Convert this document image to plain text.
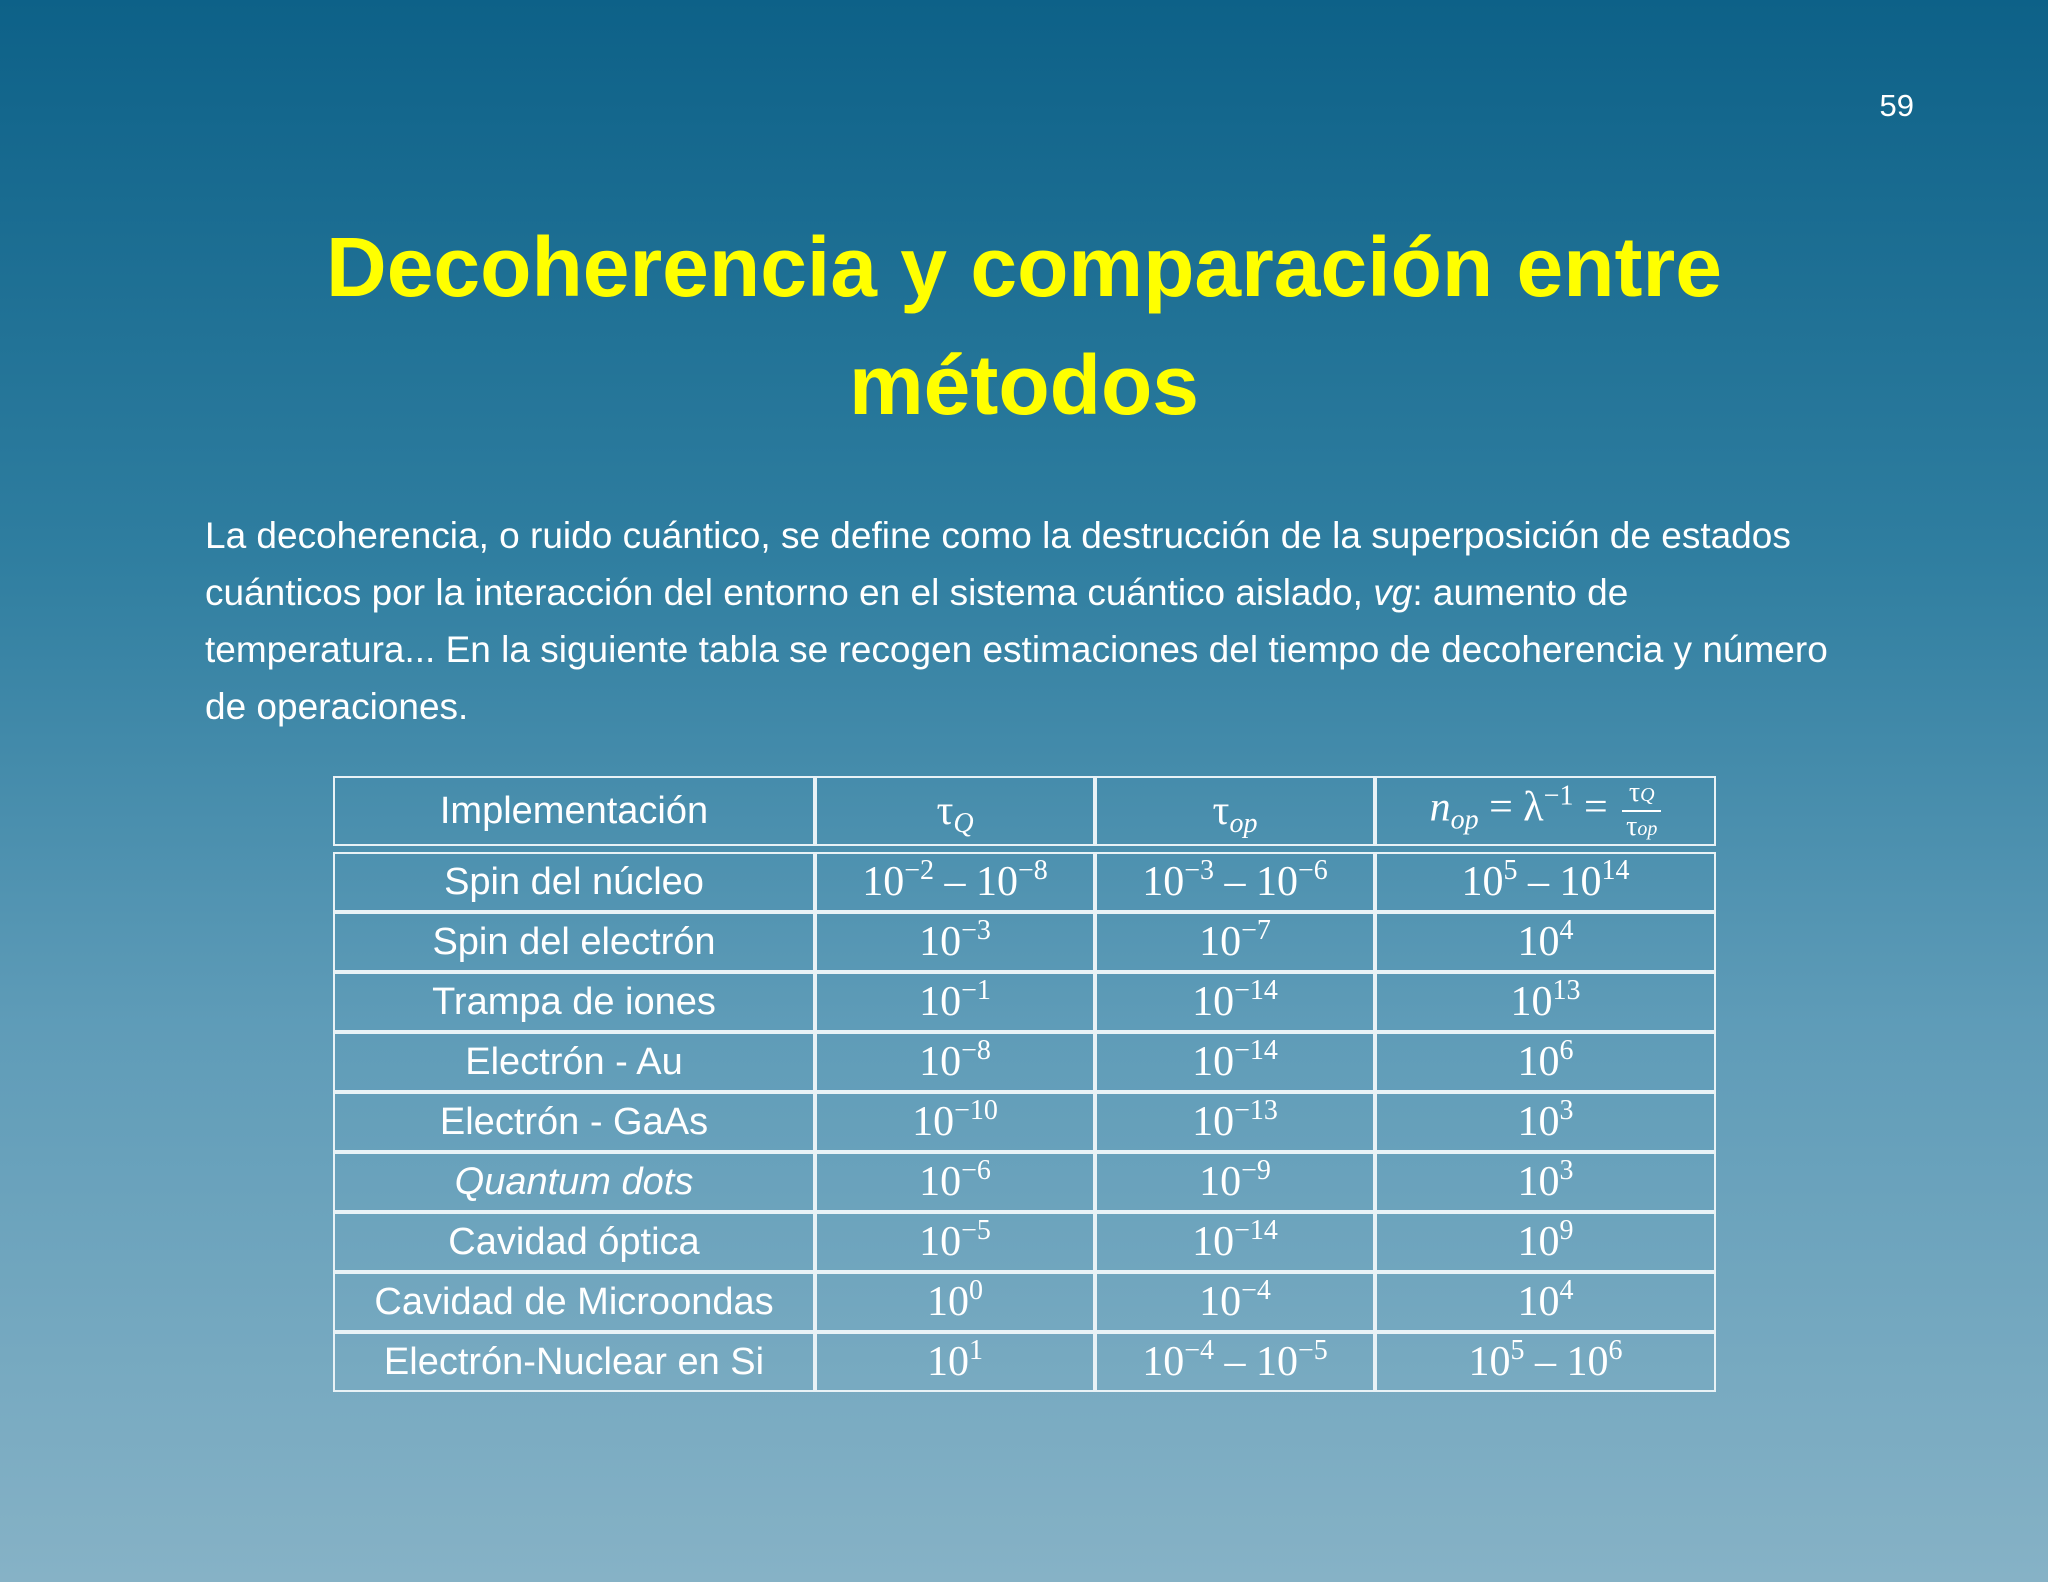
59
Decoherencia y comparación entre
métodos
La decoherencia, o ruido cuántico, se define como la destrucción de la superposición de estados cuánticos por la interacción del entorno en el sistema cuántico aislado, vg: aumento de temperatura... En la siguiente tabla se recogen estimaciones del tiempo de decoherencia y número de operaciones.
Implementación	$\tau_Q$	$\tau_{op}$	$n_{op} = \lambda^{-1} = \frac{\tau Q}{\text{τop}}$

Spin del núcleo	$10^{-2} - 10^{-8}$	$10^{-3} - 10^{-6}$	$10^5 - 10^{14}$
Spin del electrón	$10^{-3}$	$10^{-7}$	$10^4$
Trampa de iones	$10^{-1}$	$10^{-14}$	$10^{13}$
Electrón - Au	$10^{-8}$	$10^{-14}$	$10^6$
Electrón - GaAs	$10^{-10}$	$10^{-13}$	$10^3$
Quantum dots	$10^{-6}$	$10^{-9}$	$10^3$
Cavidad óptica	$10^{-5}$	$10^{-14}$	$10^9$
Cavidad de Microondas	$10^0$	$10^{-4}$	$10^4$
Electrón-Nuclear en Si	$10^1$	$10^{-4} - 10^{-5}$	$10^5 - 10^6$
